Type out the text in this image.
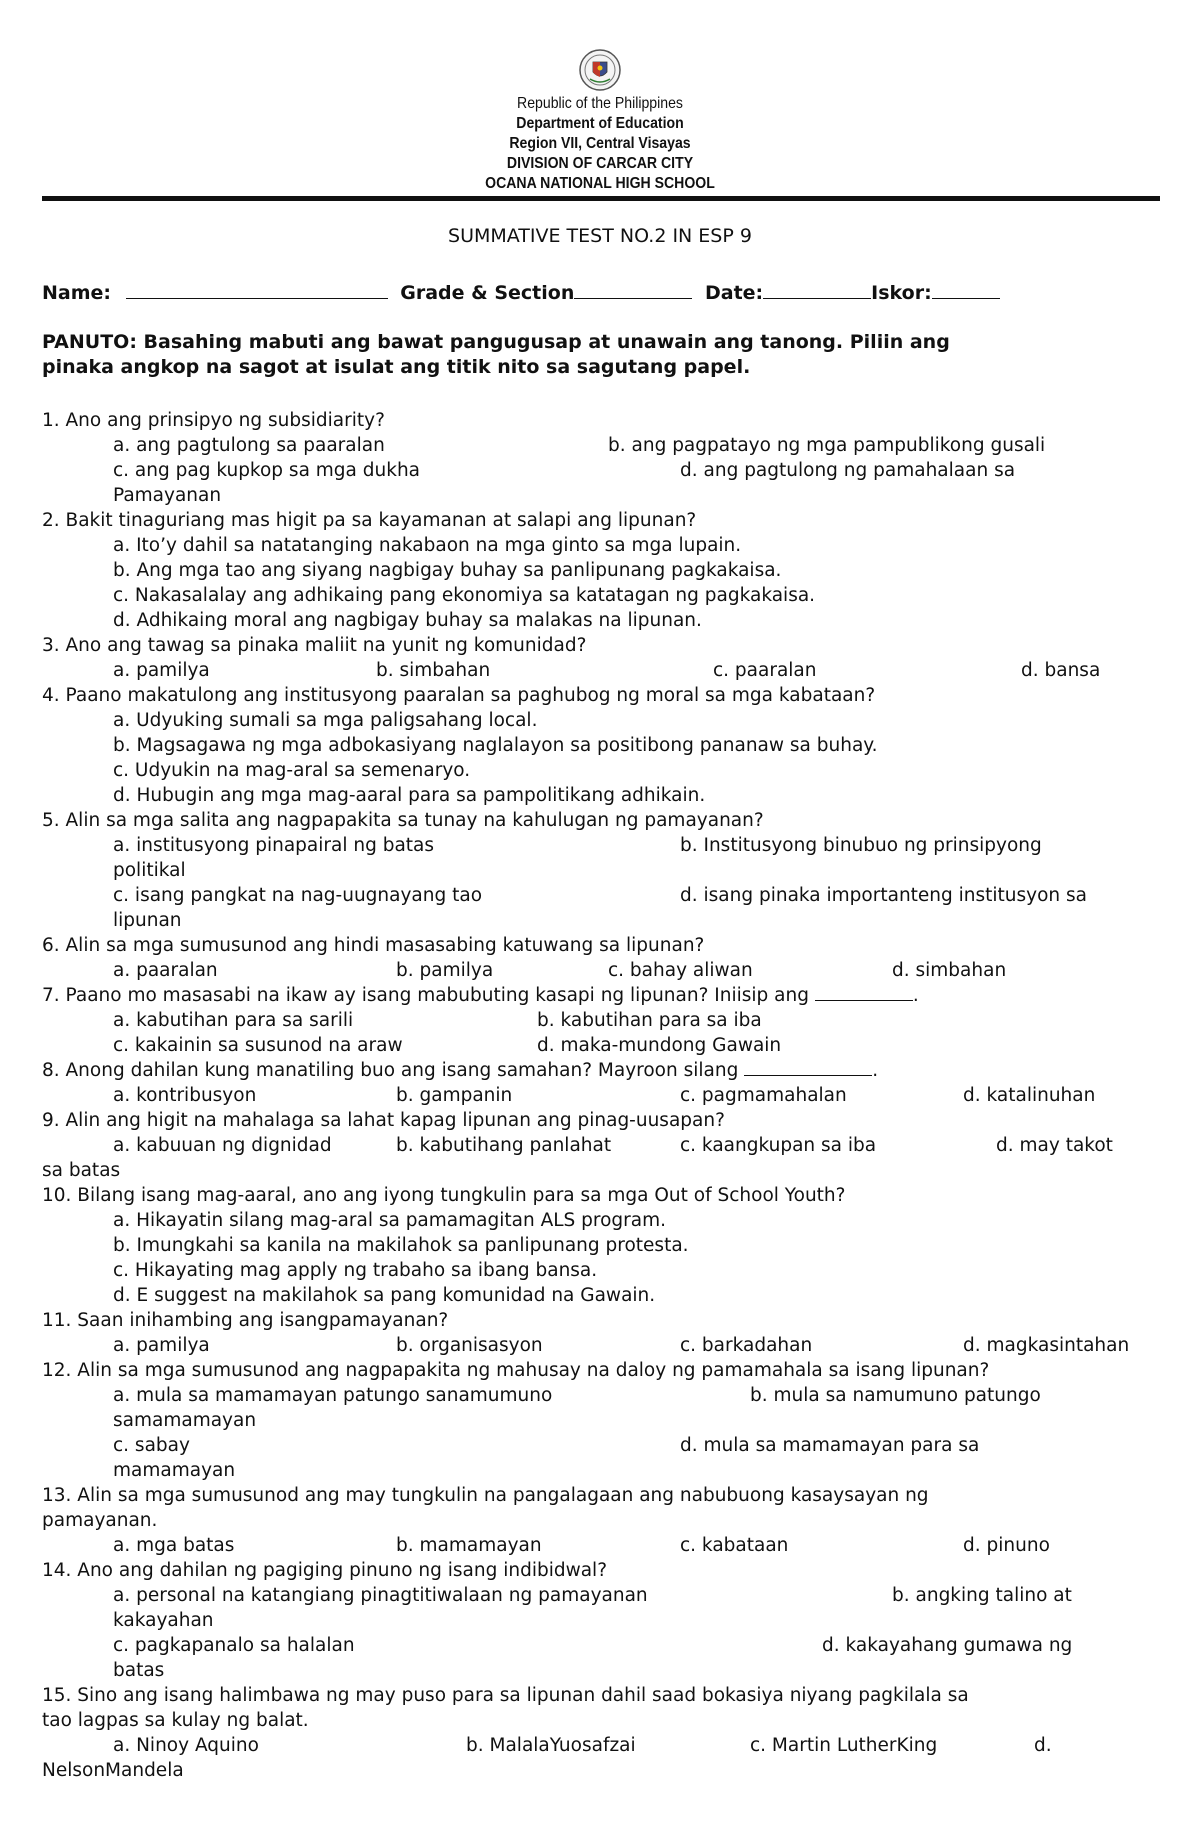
Republic of the Philippines
Department of Education
Region VII, Central Visayas
DIVISION OF CARCAR CITY
OCANA NATIONAL HIGH SCHOOL
SUMMATIVE TEST NO.2 IN ESP 9
Name:	Grade & Section	Date:	Iskor:
PANUTO: Basahing mabuti ang bawat pangugusap at unawain ang tanong. Piliin ang
pinaka angkop na sagot at isulat ang titik nito sa sagutang papel.
1. Ano ang prinsipyo ng subsidiarity?
a. ang pagtulong sa paaralan	b. ang pagpatayo ng mga pampublikong gusali
c. ang pag kupkop sa mga dukha	d. ang pagtulong ng pamahalaan sa
Pamayanan
2. Bakit tinaguriang mas higit pa sa kayamanan at salapi ang lipunan?
a. Ito’y dahil sa natatanging nakabaon na mga ginto sa mga lupain.
b. Ang mga tao ang siyang nagbigay buhay sa panlipunang pagkakaisa.
c. Nakasalalay ang adhikaing pang ekonomiya sa katatagan ng pagkakaisa.
d. Adhikaing moral ang nagbigay buhay sa malakas na lipunan.
3. Ano ang tawag sa pinaka maliit na yunit ng komunidad?
a. pamilya	b. simbahan	c. paaralan	d. bansa
4. Paano makatulong ang institusyong paaralan sa paghubog ng moral sa mga kabataan?
a. Udyuking sumali sa mga paligsahang local.
b. Magsagawa ng mga adbokasiyang naglalayon sa positibong pananaw sa buhay.
c. Udyukin na mag-aral sa semenaryo.
d. Hubugin ang mga mag-aaral para sa pampolitikang adhikain.
5. Alin sa mga salita ang nagpapakita sa tunay na kahulugan ng pamayanan?
a. institusyong pinapairal ng batas	b. Institusyong binubuo ng prinsipyong
politikal
c. isang pangkat na nag-uugnayang tao	d. isang pinaka importanteng institusyon sa
lipunan
6. Alin sa mga sumusunod ang hindi masasabing katuwang sa lipunan?
a. paaralan	b. pamilya	c. bahay aliwan	d. simbahan
7. Paano mo masasabi na ikaw ay isang mabubuting kasapi ng lipunan? Iniisip ang	.
a. kabutihan para sa sarili	b. kabutihan para sa iba
c. kakainin sa susunod na araw	d. maka-mundong Gawain
8. Anong dahilan kung manatiling buo ang isang samahan? Mayroon silang	.
a. kontribusyon	b. gampanin	c. pagmamahalan	d. katalinuhan
9. Alin ang higit na mahalaga sa lahat kapag lipunan ang pinag-uusapan?
a. kabuuan ng dignidad	b. kabutihang panlahat	c. kaangkupan sa iba	d. may takot
sa batas
10. Bilang isang mag-aaral, ano ang iyong tungkulin para sa mga Out of School Youth?
a. Hikayatin silang mag-aral sa pamamagitan ALS program.
b. Imungkahi sa kanila na makilahok sa panlipunang protesta.
c. Hikayating mag apply ng trabaho sa ibang bansa.
d. E suggest na makilahok sa pang komunidad na Gawain.
11. Saan inihambing ang isangpamayanan?
a. pamilya	b. organisasyon	c. barkadahan	d. magkasintahan
12. Alin sa mga sumusunod ang nagpapakita ng mahusay na daloy ng pamamahala sa isang lipunan?
a. mula sa mamamayan patungo sanamumuno	b. mula sa namumuno patungo
samamamayan
c. sabay	d. mula sa mamamayan para sa
mamamayan
13. Alin sa mga sumusunod ang may tungkulin na pangalagaan ang nabubuong kasaysayan ng
pamayanan.
a. mga batas	b. mamamayan	c. kabataan	d. pinuno
14. Ano ang dahilan ng pagiging pinuno ng isang indibidwal?
a. personal na katangiang pinagtitiwalaan ng pamayanan	b. angking talino at
kakayahan
c. pagkapanalo sa halalan	d. kakayahang gumawa ng
batas
15. Sino ang isang halimbawa ng may puso para sa lipunan dahil saad bokasiya niyang pagkilala sa
tao lagpas sa kulay ng balat.
a. Ninoy Aquino	b. MalalaYuosafzai	c. Martin LutherKing	d.
NelsonMandela
